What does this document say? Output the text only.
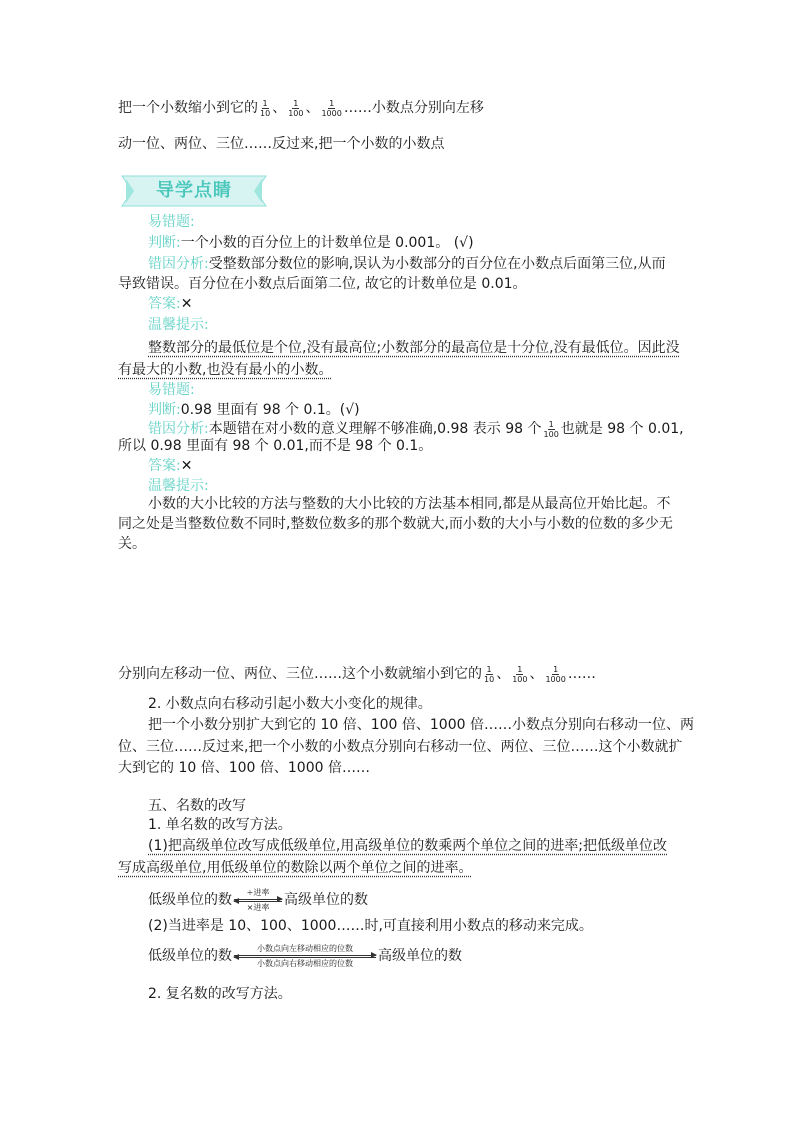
把一个小数缩小到它的 $\frac{1}{10}$ 、 $\frac{1}{100}$ 、 $\frac{1}{1000}$ ……小数点分别向左移
动一位、两位、三位……反过来,把一个小数的小数点
导学点睛
易错题:
判断:一个小数的百分位上的计数单位是 0.001。 (√)
错因分析:受整数部分数位的影响,误认为小数部分的百分位在小数点后面第三位,从而
导致错误。百分位在小数点后面第二位, 故它的计数单位是 0.01。
答案:✕
温馨提示:
整数部分的最低位是个位,没有最高位;小数部分的最高位是十分位,没有最低位。因此没
有最大的小数,也没有最小的小数。
易错题:
判断:0.98 里面有 98 个 0.1。(√)
错因分析:本题错在对小数的意义理解不够准确,0.98 表示 98 个 $\frac{1}{100}$ 也就是 98 个 0.01,
所以 0.98 里面有 98 个 0.01,而不是 98 个 0.1。
答案:✕
温馨提示:
小数的大小比较的方法与整数的大小比较的方法基本相同,都是从最高位开始比起。不
同之处是当整数位数不同时,整数位数多的那个数就大,而小数的大小与小数的位数的多少无
关。
分别向左移动一位、两位、三位……这个小数就缩小到它的 $\frac{1}{10}$ 、 $\frac{1}{100}$ 、 $\frac{1}{1000}$ ……
2. 小数点向右移动引起小数大小变化的规律。
把一个小数分别扩大到它的 10 倍、100 倍、1000 倍……小数点分别向右移动一位、两
位、三位……反过来,把一个小数的小数点分别向右移动一位、两位、三位……这个小数就扩
大到它的 10 倍、100 倍、1000 倍……
五、名数的改写
1. 单名数的改写方法。
(1)把高级单位改写成低级单位,用高级单位的数乘两个单位之间的进率;把低级单位改
写成高级单位,用低级单位的数除以两个单位之间的进率。
低级单位的数	÷进率
×进率	高级单位的数
(2)当进率是 10、100、1000……时,可直接利用小数点的移动来完成。
低级单位的数	小数点向左移动相应的位数
小数点向右移动相应的位数	高级单位的数
2. 复名数的改写方法。
